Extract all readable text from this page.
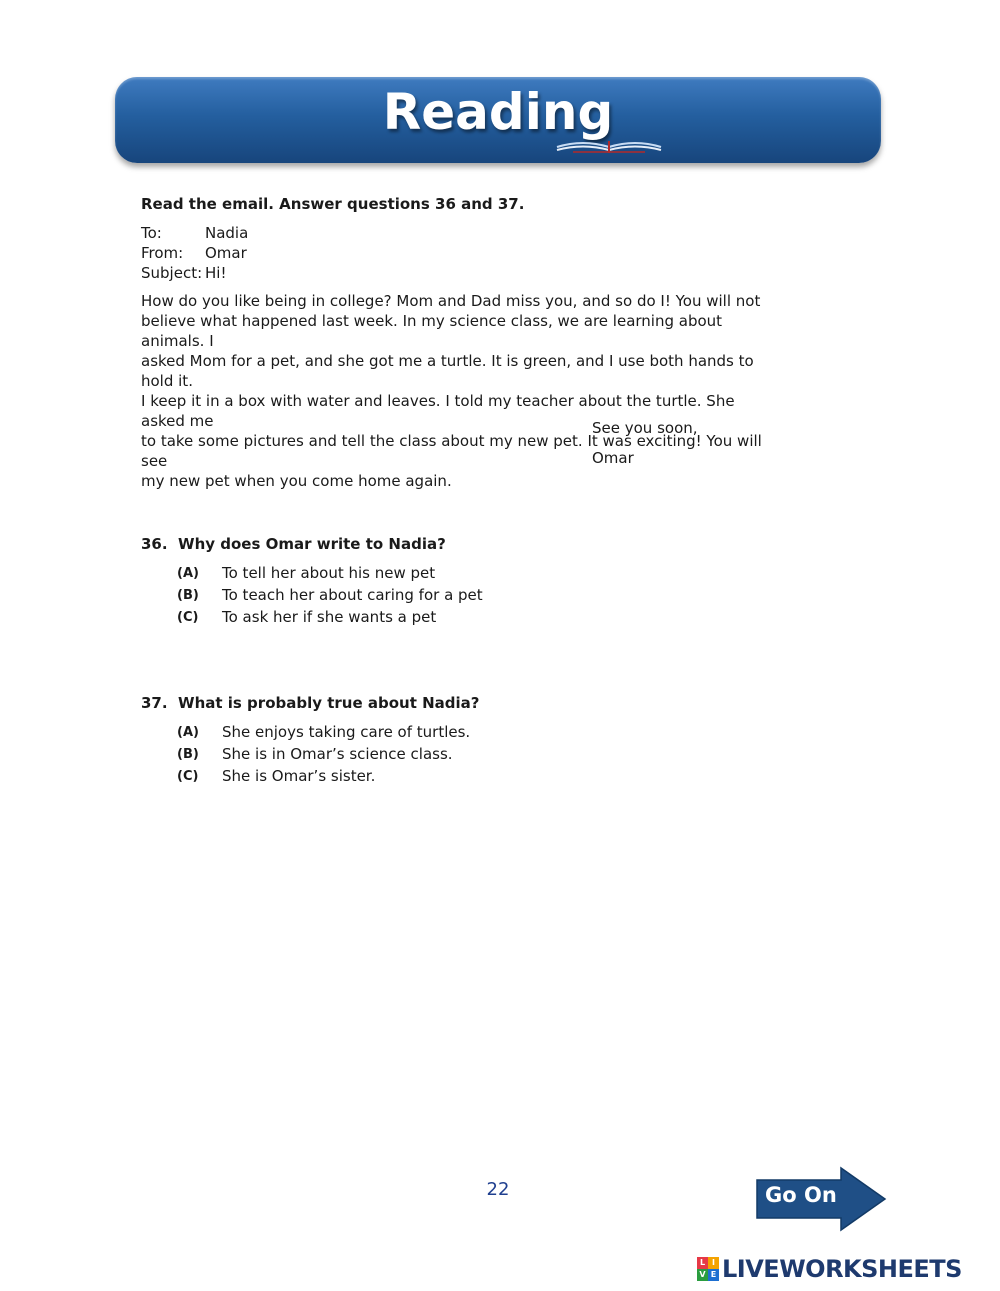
Reading
Read the email. Answer questions 36 and 37.
To:	Nadia
From:	Omar
Subject: Hi!
How do you like being in college? Mom and Dad miss you, and so do I! You will not
believe what happened last week. In my science class, we are learning about animals. I
asked Mom for a pet, and she got me a turtle. It is green, and I use both hands to hold it.
I keep it in a box with water and leaves. I told my teacher about the turtle. She asked me
to take some pictures and tell the class about my new pet. It was exciting! You will see
my new pet when you come home again.
See you soon,
Omar
36. Why does Omar write to Nadia?
(A)	To tell her about his new pet
(B)	To teach her about caring for a pet
(C)	To ask her if she wants a pet
37. What is probably true about Nadia?
(A)	She enjoys taking care of turtles.
(B)	She is in Omar’s science class.
(C)	She is Omar’s sister.
22	Go On
L I
V E LIVEWORKSHEETS
